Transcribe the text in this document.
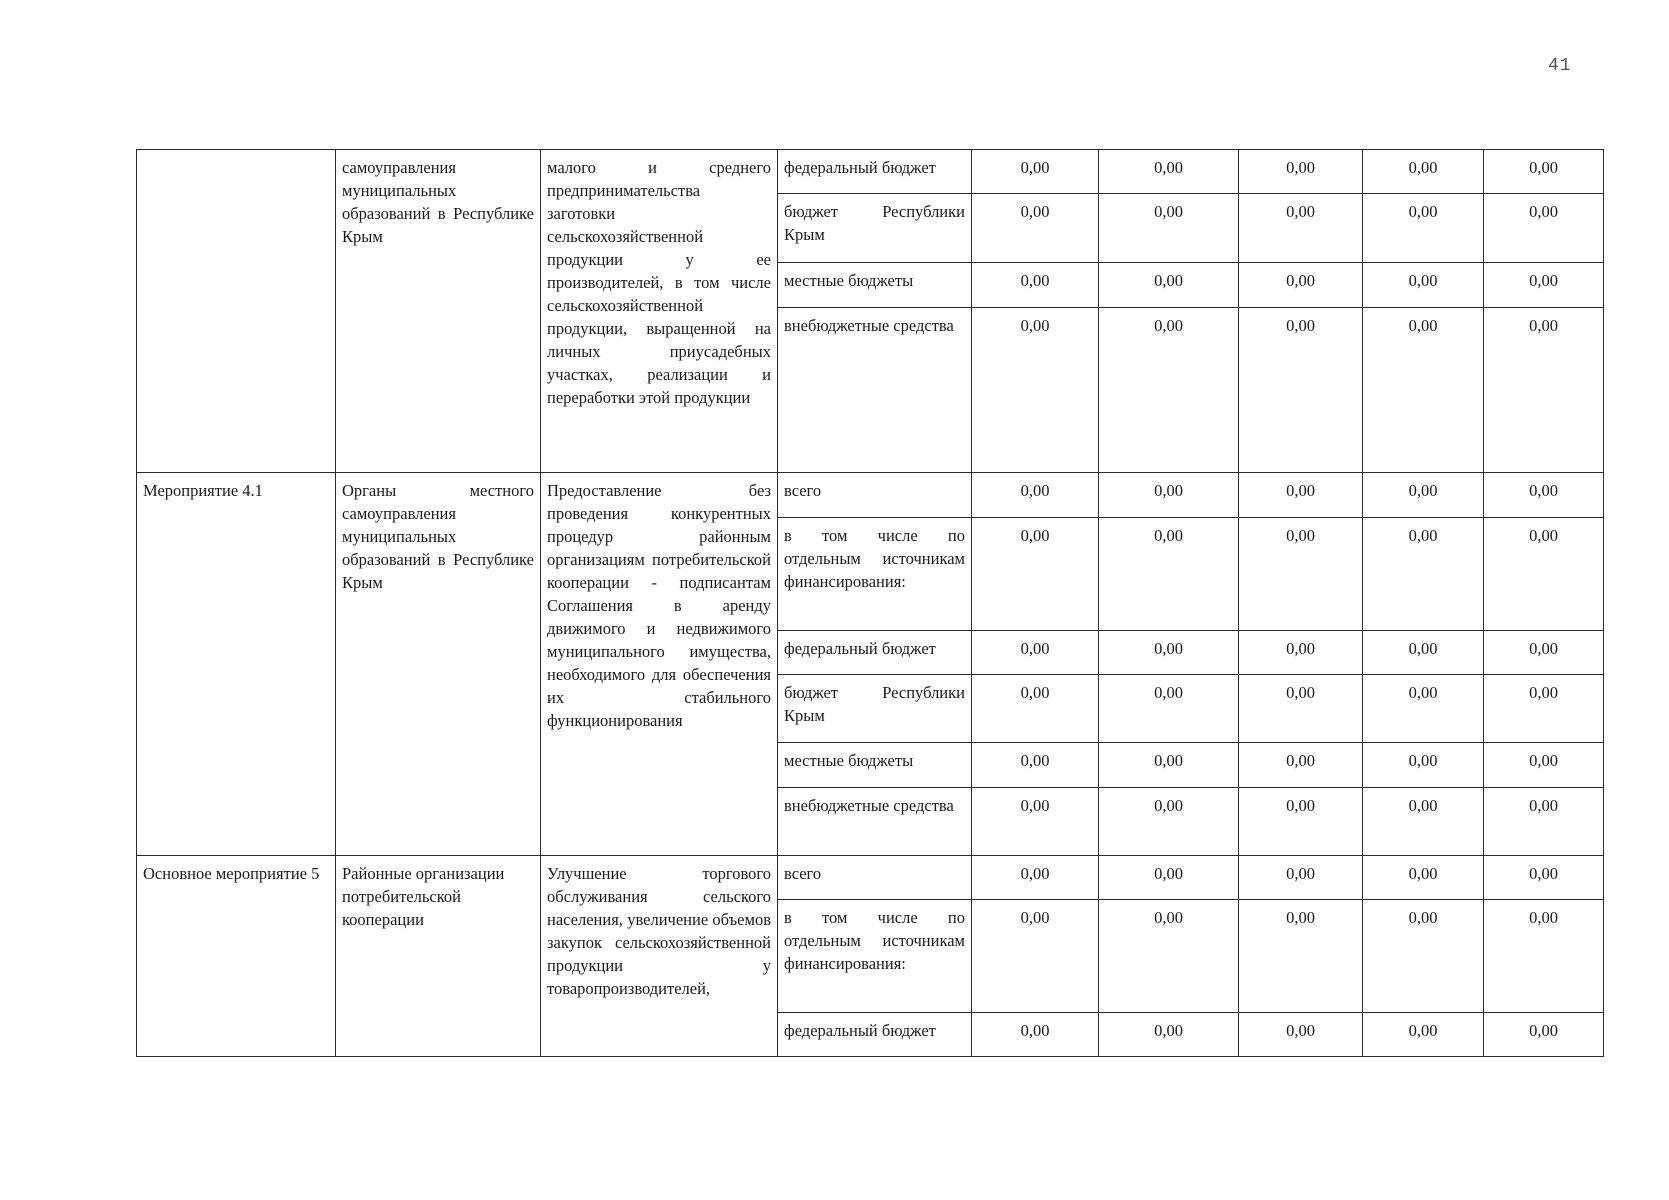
41
	самоуправления муниципальных образований в Республике Крым	малого и среднего предпринимательства заготовки сельскохозяйственной продукции у ее производителей, в том числе сельскохозяйственной продукции, выращенной на личных приусадебных участках, реализации и переработки этой продукции	федеральный бюджет	0,00	0,00	0,00	0,00	0,00
			бюджет Республики Крым	0,00	0,00	0,00	0,00	0,00
			местные бюджеты	0,00	0,00	0,00	0,00	0,00
			внебюджетные средства	0,00	0,00	0,00	0,00	0,00
Мероприятие 4.1	Органы местного самоуправления муниципальных образований в Республике Крым	Предоставление без проведения конкурентных процедур районным организациям потребительской кооперации - подписантам Соглашения в аренду движимого и недвижимого муниципального имущества, необходимого для обеспечения их стабильного функционирования	всего	0,00	0,00	0,00	0,00	0,00
			в том числе по отдельным источникам финансирования:	0,00	0,00	0,00	0,00	0,00
			федеральный бюджет	0,00	0,00	0,00	0,00	0,00
			бюджет Республики Крым	0,00	0,00	0,00	0,00	0,00
			местные бюджеты	0,00	0,00	0,00	0,00	0,00
			внебюджетные средства	0,00	0,00	0,00	0,00	0,00
Основное мероприятие 5	Районные организации потребительской кооперации	Улучшение торгового обслуживания сельского населения, увеличение объемов закупок сельскохозяйственной продукции у товаропроизводителей,	всего	0,00	0,00	0,00	0,00	0,00
			в том числе по отдельным источникам финансирования:	0,00	0,00	0,00	0,00	0,00
			федеральный бюджет	0,00	0,00	0,00	0,00	0,00
